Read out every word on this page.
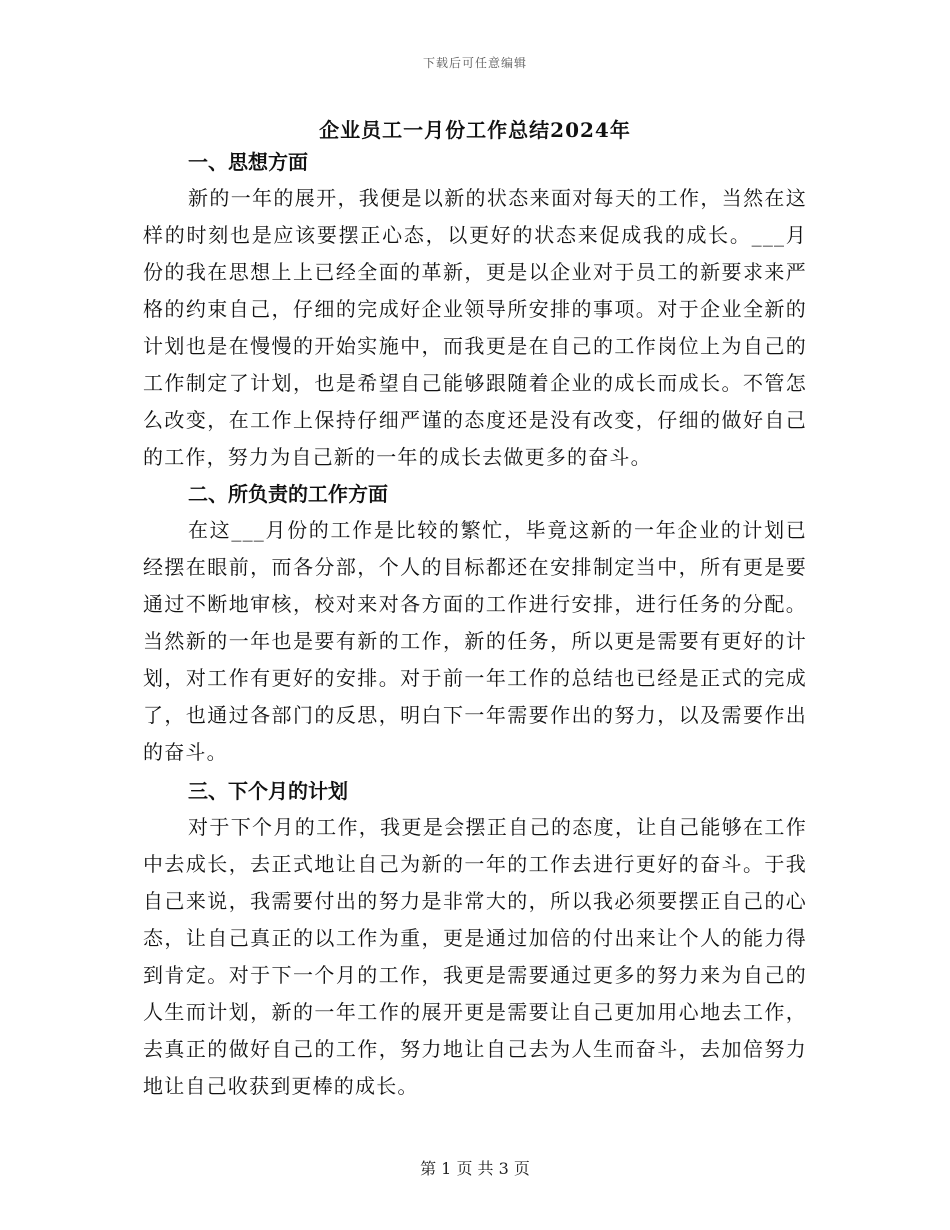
下载后可任意编辑
企业员工一月份工作总结2024年
一、思想方面

新的一年的展开，我便是以新的状态来面对每天的工作，当然在这样的时刻也是应该要摆正心态，以更好的状态来促成我的成长。___月份的我在思想上上已经全面的革新，更是以企业对于员工的新要求来严格的约束自己，仔细的完成好企业领导所安排的事项。对于企业全新的计划也是在慢慢的开始实施中，而我更是在自己的工作岗位上为自己的工作制定了计划，也是希望自己能够跟随着企业的成长而成长。不管怎么改变，在工作上保持仔细严谨的态度还是没有改变，仔细的做好自己的工作，努力为自己新的一年的成长去做更多的奋斗。

二、所负责的工作方面

在这___月份的工作是比较的繁忙，毕竟这新的一年企业的计划已经摆在眼前，而各分部，个人的目标都还在安排制定当中，所有更是要通过不断地审核，校对来对各方面的工作进行安排，进行任务的分配。当然新的一年也是要有新的工作，新的任务，所以更是需要有更好的计划，对工作有更好的安排。对于前一年工作的总结也已经是正式的完成了，也通过各部门的反思，明白下一年需要作出的努力，以及需要作出的奋斗。

三、下个月的计划

对于下个月的工作，我更是会摆正自己的态度，让自己能够在工作中去成长，去正式地让自己为新的一年的工作去进行更好的奋斗。于我自己来说，我需要付出的努力是非常大的，所以我必须要摆正自己的心态，让自己真正的以工作为重，更是通过加倍的付出来让个人的能力得到肯定。对于下一个月的工作，我更是需要通过更多的努力来为自己的人生而计划，新的一年工作的展开更是需要让自己更加用心地去工作，去真正的做好自己的工作，努力地让自己去为人生而奋斗，去加倍努力地让自己收获到更棒的成长。

第 1 页 共 3 页
